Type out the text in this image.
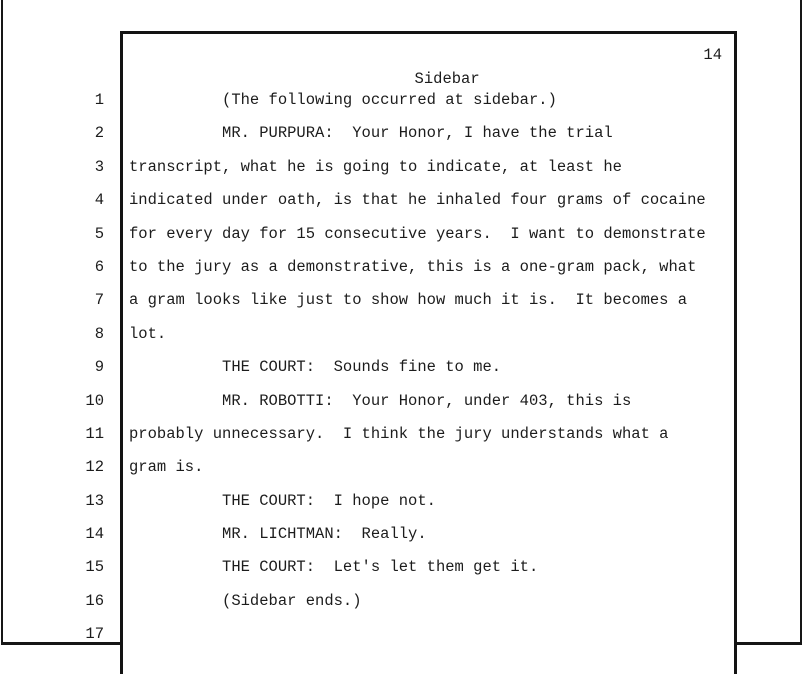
Sidebar

14

1
2
3
4
5
6
7
8
9
10
11
12
13
14
15
16
17
(The following occurred at sidebar.)
MR. PURPURA:  Your Honor, I have the trial
transcript, what he is going to indicate, at least he
indicated under oath, is that he inhaled four grams of cocaine
for every day for 15 consecutive years.  I want to demonstrate
to the jury as a demonstrative, this is a one-gram pack, what
a gram looks like just to show how much it is.  It becomes a
lot.
THE COURT:  Sounds fine to me.
MR. ROBOTTI:  Your Honor, under 403, this is
probably unnecessary.  I think the jury understands what a
gram is.
THE COURT:  I hope not.
MR. LICHTMAN:  Really.
THE COURT:  Let's let them get it.
(Sidebar ends.)
